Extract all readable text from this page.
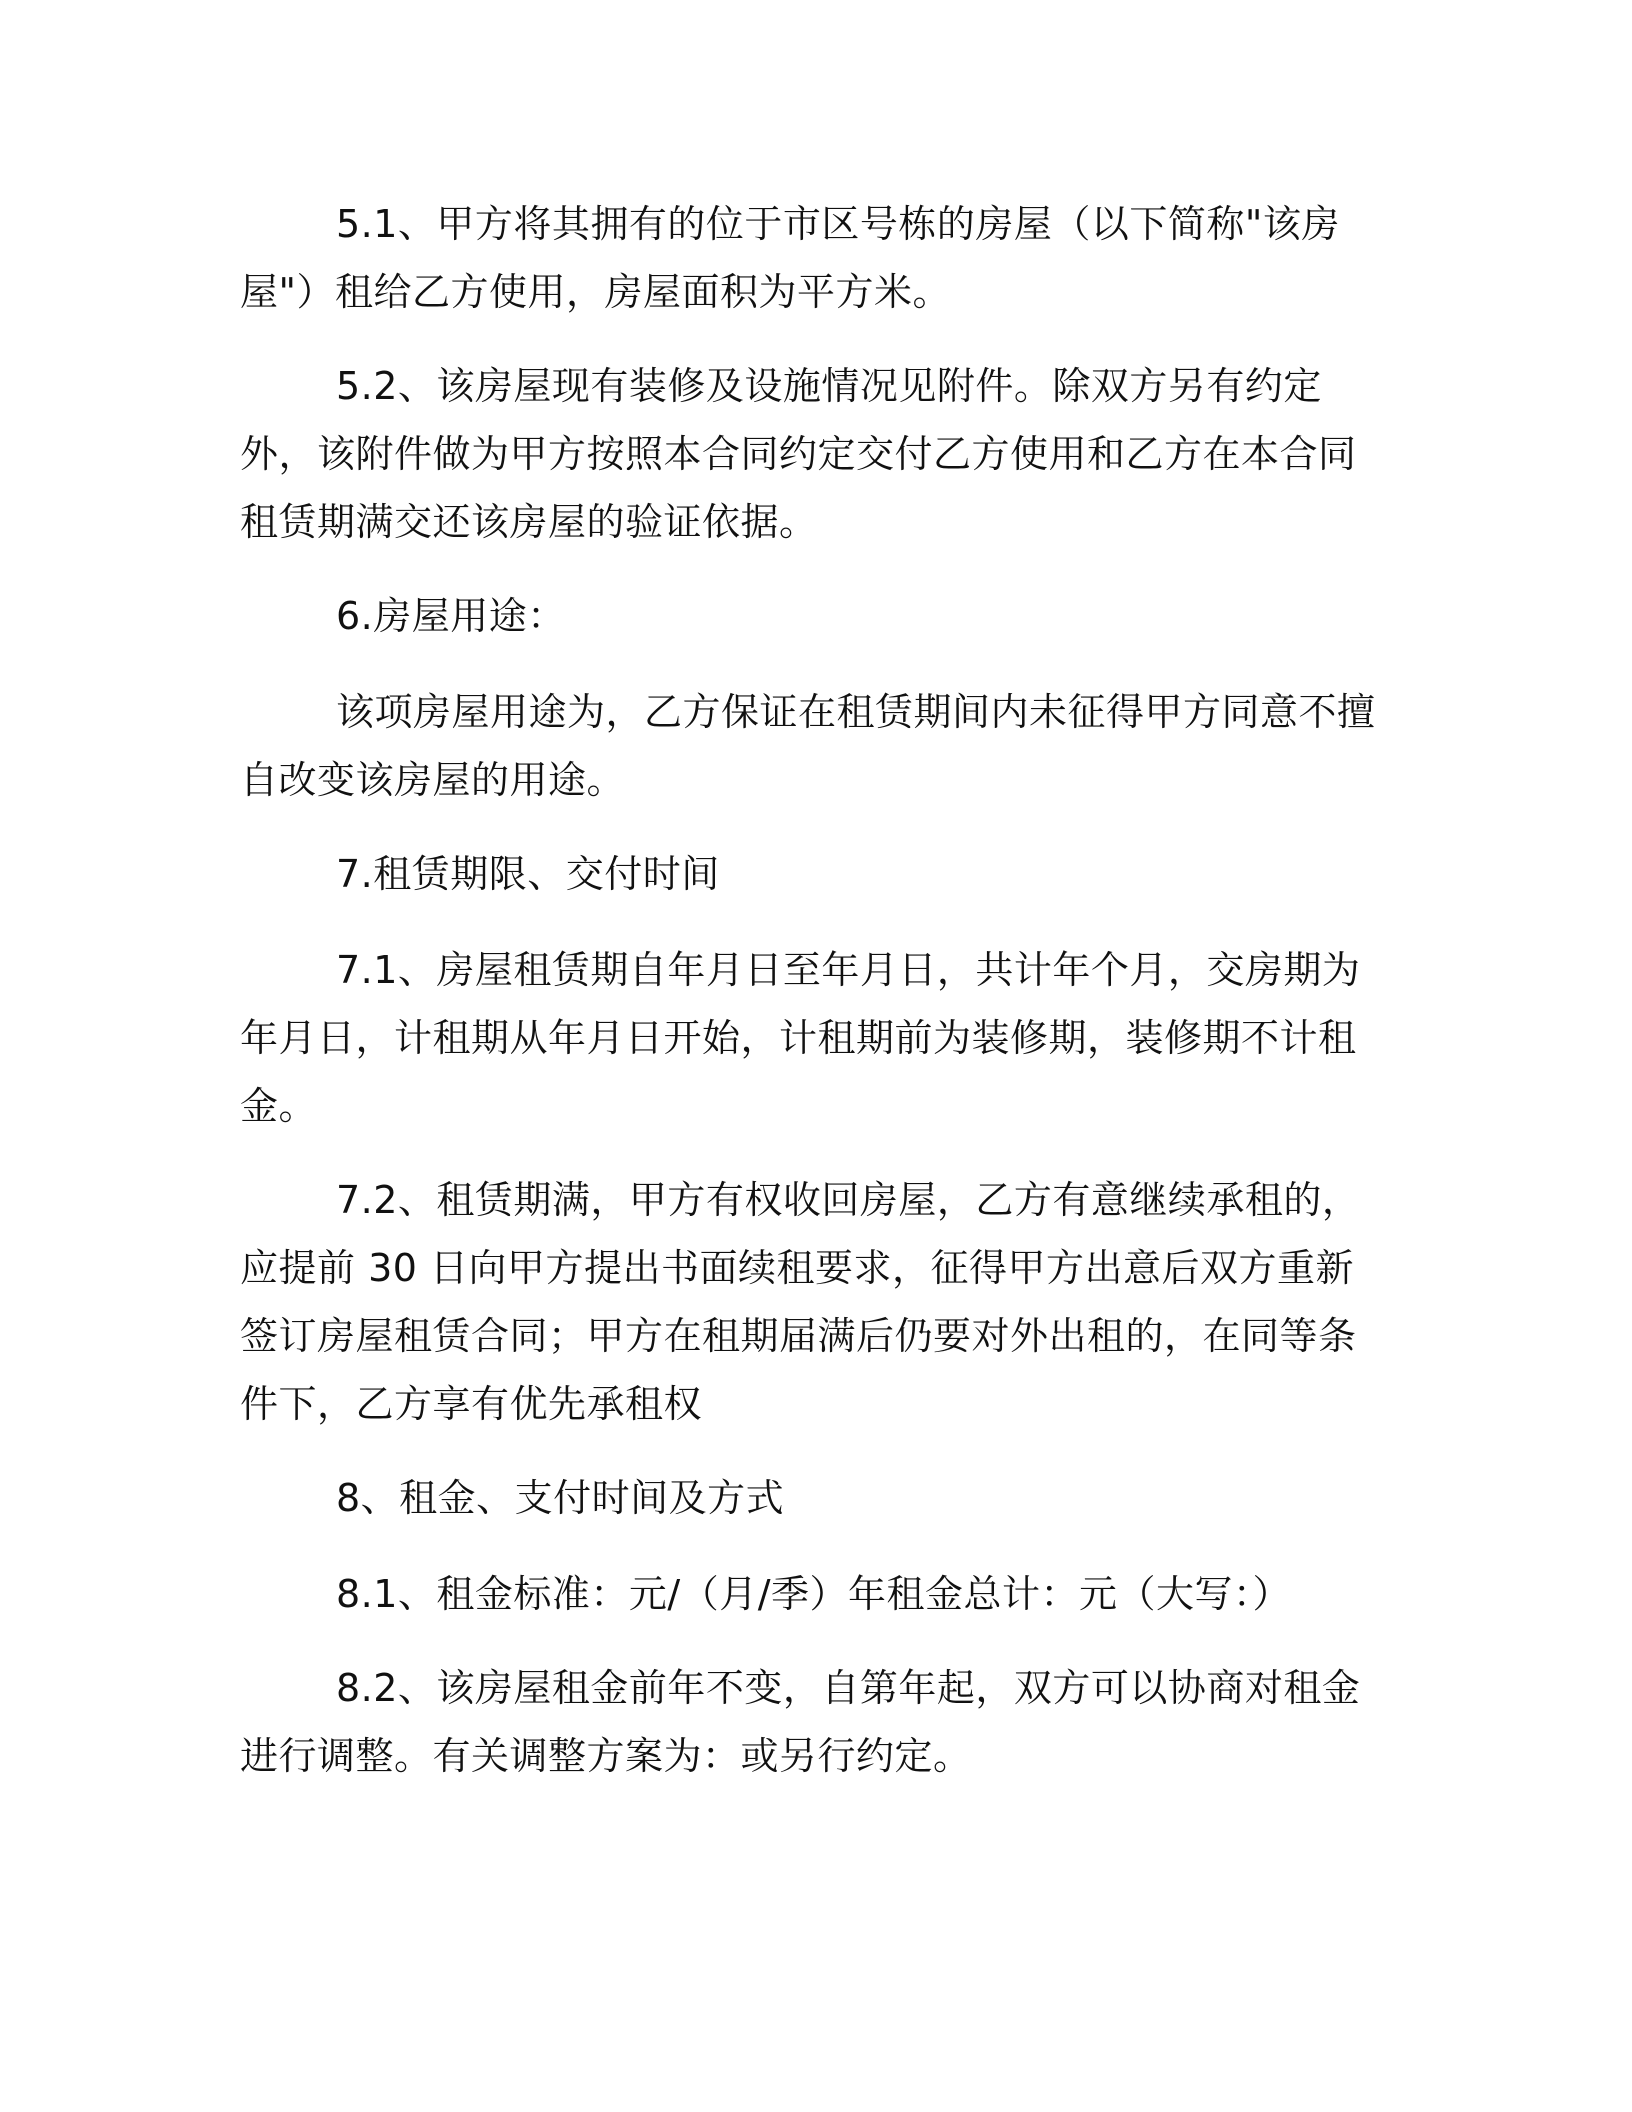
5.1、甲方将其拥有的位于市区号栋的房屋（以下简称"该房屋"）租给乙方使用，房屋面积为平方米。

5.2、该房屋现有装修及设施情况见附件。除双方另有约定外，该附件做为甲方按照本合同约定交付乙方使用和乙方在本合同租赁期满交还该房屋的验证依据。

6.房屋用途：

该项房屋用途为，乙方保证在租赁期间内未征得甲方同意不擅自改变该房屋的用途。

7.租赁期限、交付时间

7.1、房屋租赁期自年月日至年月日，共计年个月，交房期为年月日，计租期从年月日开始，计租期前为装修期，装修期不计租金。

7.2、租赁期满，甲方有权收回房屋，乙方有意继续承租的，应提前 30 日向甲方提出书面续租要求，征得甲方出意后双方重新签订房屋租赁合同；甲方在租期届满后仍要对外出租的，在同等条件下，乙方享有优先承租权

8、租金、支付时间及方式

8.1、租金标准：元/（月/季）年租金总计：元（大写：）

8.2、该房屋租金前年不变，自第年起，双方可以协商对租金进行调整。有关调整方案为：或另行约定。
